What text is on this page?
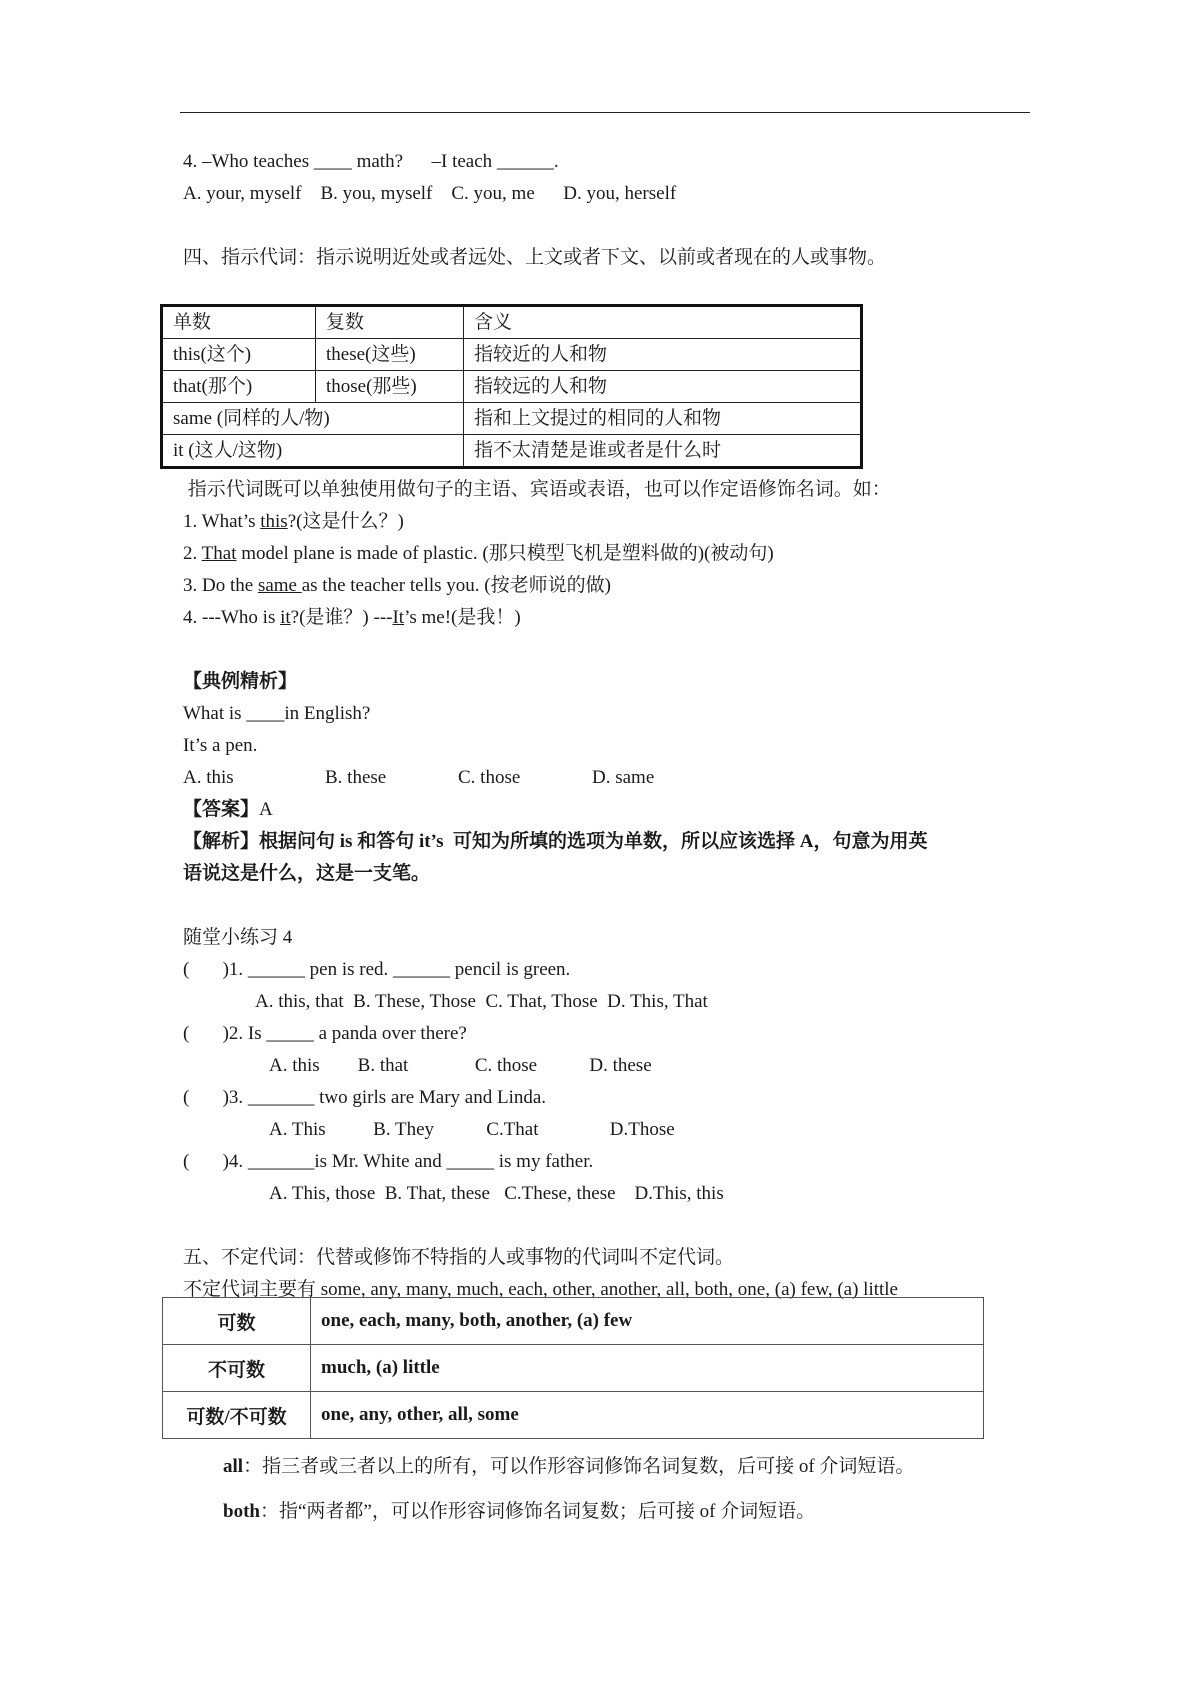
4. –Who teaches ____ math?      –I teach ______.
A. your, myself    B. you, myself    C. you, me      D. you, herself
四、指示代词：指示说明近处或者远处、上文或者下文、以前或者现在的人或事物。
单数	复数	含义
this(这个)	these(这些)	指较近的人和物
that(那个)	those(那些)	指较远的人和物
same (同样的人/物)		指和上文提过的相同的人和物
it (这人/这物)		指不太清楚是谁或者是什么时
指示代词既可以单独使用做句子的主语、宾语或表语，也可以作定语修饰名词。如：
1. What’s this?(这是什么？)
2. That model plane is made of plastic. (那只模型飞机是塑料做的)(被动句)
3. Do the same as the teacher tells you. (按老师说的做)
4. ---Who is it?(是谁？) ---It’s me!(是我！)
【典例精析】
What is ____in English?
It’s a pen.
A. this	B. these	C. those	D. same
【答案】A
【解析】根据问句 is 和答句 it’s  可知为所填的选项为单数，所以应该选择 A，句意为用英
语说这是什么，这是一支笔。
随堂小练习 4
(       )1. ______ pen is red. ______ pencil is green.
A. this, that  B. These, Those  C. That, Those  D. This, That
(       )2. Is _____ a panda over there?
A. this        B. that              C. those           D. these
(       )3. _______ two girls are Mary and Linda.
A. This          B. They           C.That               D.Those
(       )4. _______is Mr. White and _____ is my father.
A. This, those  B. That, these   C.These, these    D.This, this
五、不定代词：代替或修饰不特指的人或事物的代词叫不定代词。
不定代词主要有 some, any, many, much, each, other, another, all, both, one, (a) few, (a) little
可数	one, each, many, both, another, (a) few
不可数	much, (a) little
可数/不可数	one, any, other, all, some
all：指三者或三者以上的所有，可以作形容词修饰名词复数，后可接 of 介词短语。
both：指“两者都”，可以作形容词修饰名词复数；后可接 of 介词短语。
